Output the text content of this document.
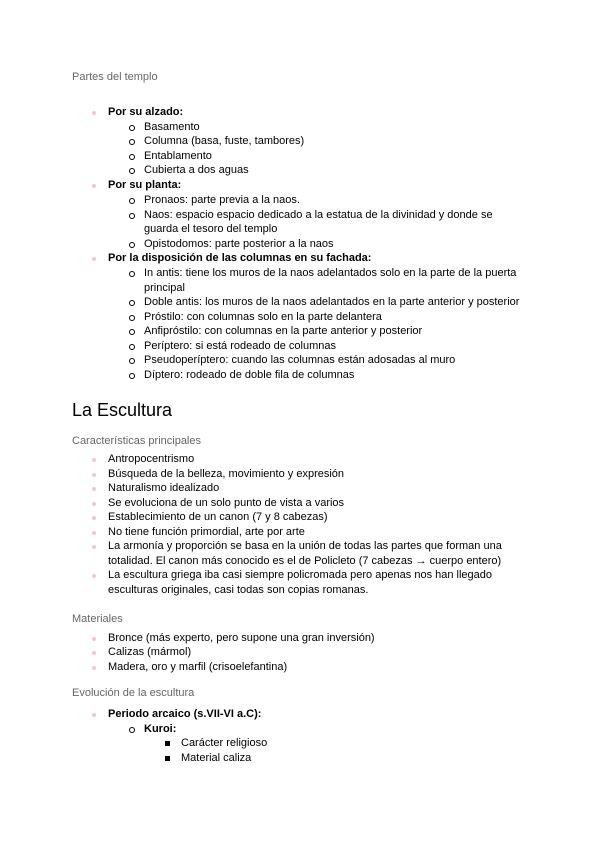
Partes del templo
Por su alzado:
Basamento
Columna (basa, fuste, tambores)
Entablamento
Cubierta a dos aguas
Por su planta:
Pronaos: parte previa a la naos.
Naos: espacio espacio dedicado a la estatua de la divinidad y donde se
guarda el tesoro del templo
Opistodomos: parte posterior a la naos
Por la disposición de las columnas en su fachada:
In antis: tiene los muros de la naos adelantados solo en la parte de la puerta
principal
Doble antis: los muros de la naos adelantados en la parte anterior y posterior
Próstilo: con columnas solo en la parte delantera
Anfipróstilo: con columnas en la parte anterior y posterior
Períptero: si está rodeado de columnas
Pseudoperíptero: cuando las columnas están adosadas al muro
Díptero: rodeado de doble fila de columnas
La Escultura
Características principales
Antropocentrismo
Búsqueda de la belleza, movimiento y expresión
Naturalismo idealizado
Se evoluciona de un solo punto de vista a varios
Establecimiento de un canon (7 y 8 cabezas)
No tiene función primordial, arte por arte
La armonía y proporción se basa en la unión de todas las partes que forman una
totalidad. El canon más conocido es el de Policleto (7 cabezas → cuerpo entero)
La escultura griega iba casi siempre policromada pero apenas nos han llegado
esculturas originales, casi todas son copias romanas.
Materiales
Bronce (más experto, pero supone una gran inversión)
Calizas (mármol)
Madera, oro y marfil (crisoelefantina)
Evolución de la escultura
Periodo arcaico (s.VII-VI a.C):
Kuroi:
Carácter religioso
Material caliza
